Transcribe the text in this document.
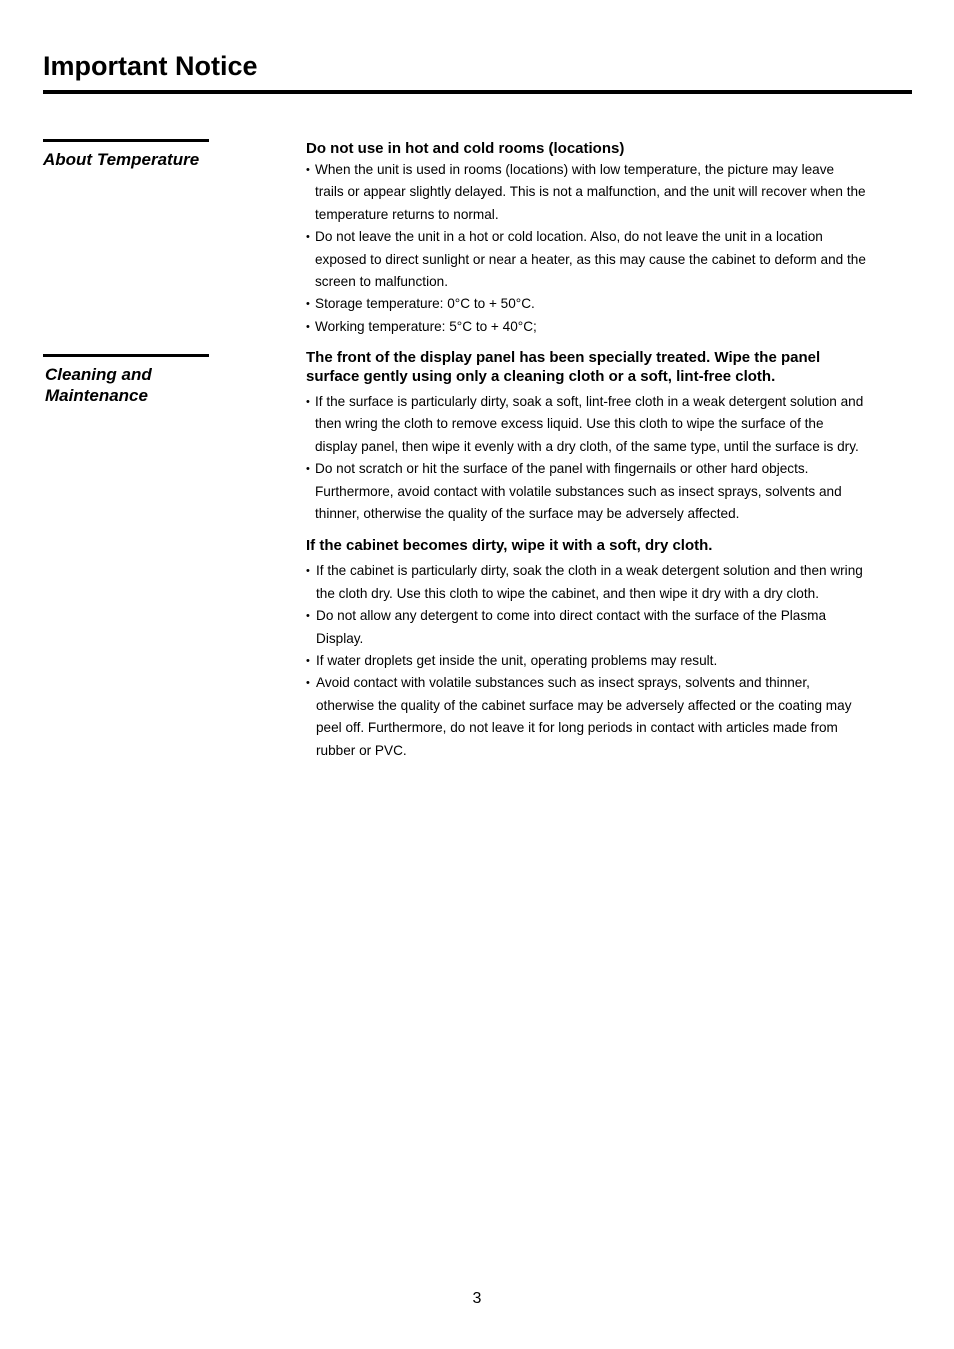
Important Notice
About Temperature

Do not use in hot and cold rooms (locations)

• When the unit is used in rooms (locations) with low temperature, the picture may leave trails or appear slightly delayed. This is not a malfunction, and the unit will recover when the temperature returns to normal.
• Do not leave the unit in a hot or cold location. Also, do not leave the unit in a location exposed to direct sunlight or near a heater, as this may cause the cabinet to deform and the screen to malfunction.
• Storage temperature: 0°C to + 50°C.
• Working temperature: 5°C to + 40°C;
Cleaning and
Maintenance

The front of the display panel has been specially treated. Wipe the panel surface gently using only a cleaning cloth or a soft, lint-free cloth.

• If the surface is particularly dirty, soak a soft, lint-free cloth in a weak detergent solution and then wring the cloth to remove excess liquid. Use this cloth to wipe the surface of the display panel, then wipe it evenly with a dry cloth, of the same type, until the surface is dry.
• Do not scratch or hit the surface of the panel with fingernails or other hard objects. Furthermore, avoid contact with volatile substances such as insect sprays, solvents and thinner, otherwise the quality of the surface may be adversely affected.

If the cabinet becomes dirty, wipe it with a soft, dry cloth.

• If the cabinet is particularly dirty, soak the cloth in a weak detergent solution and then wring the cloth dry. Use this cloth to wipe the cabinet, and then wipe it dry with a dry cloth.
• Do not allow any detergent to come into direct contact with the surface of the Plasma Display.
• If water droplets get inside the unit, operating problems may result.
• Avoid contact with volatile substances such as insect sprays, solvents and thinner, otherwise the quality of the cabinet surface may be adversely affected or the coating may peel off. Furthermore, do not leave it for long periods in contact with articles made from rubber or PVC.
3
